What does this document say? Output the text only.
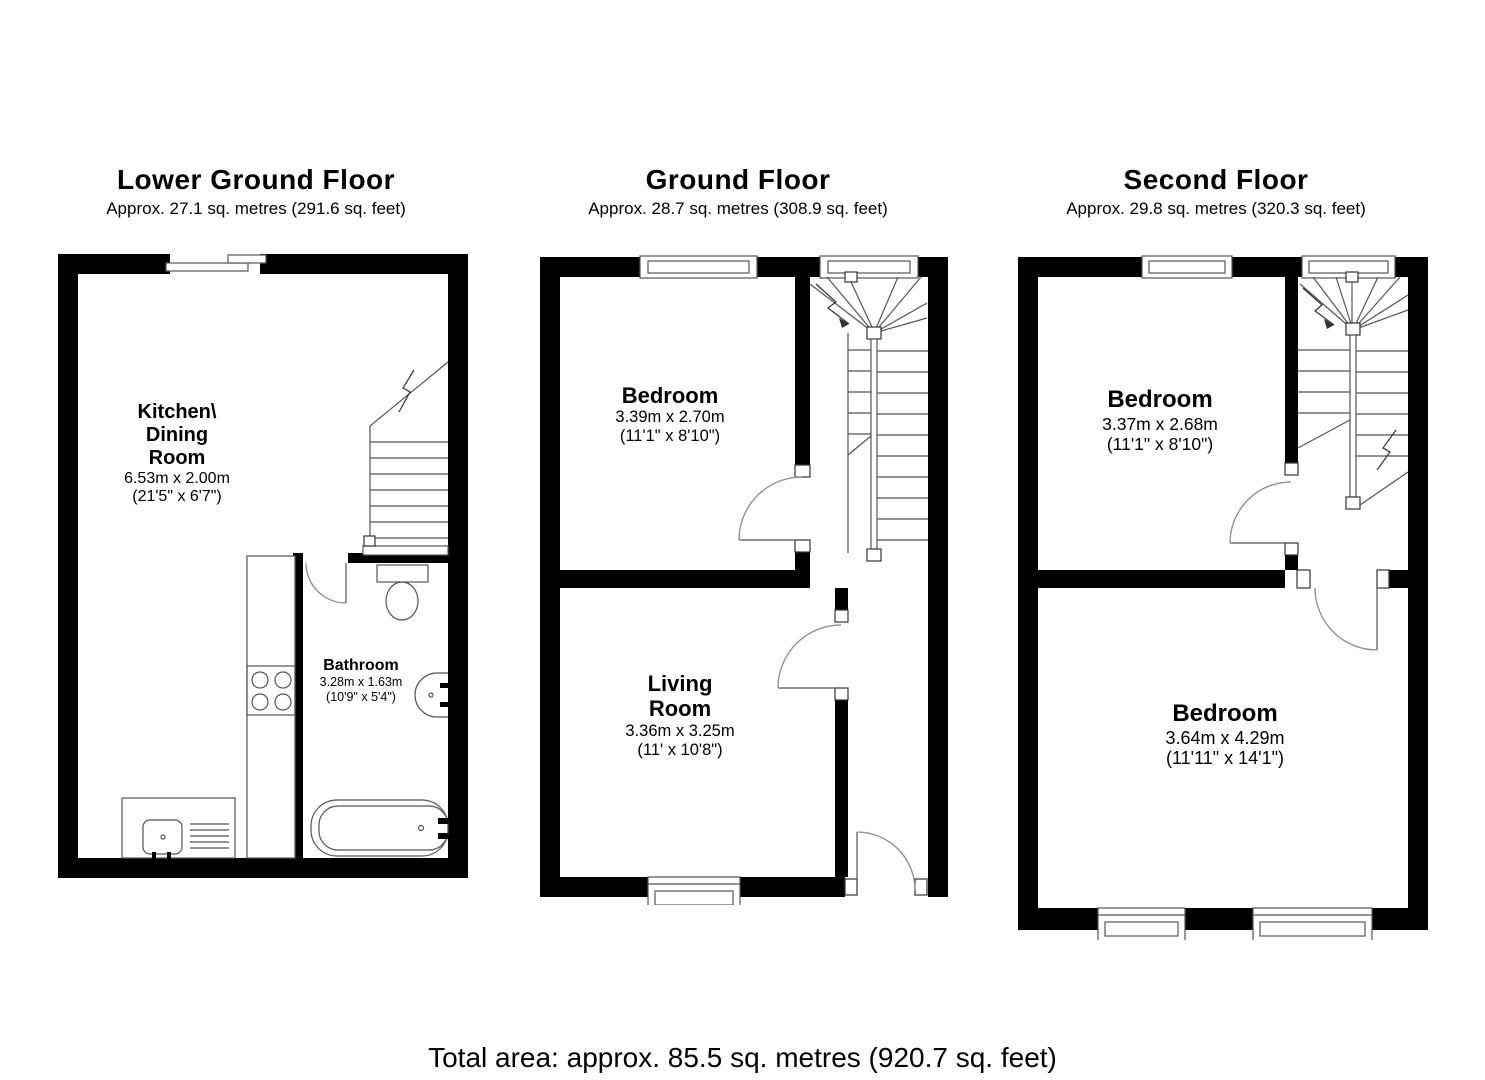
Lower Ground Floor
Approx. 27.1 sq. metres (291.6 sq. feet)
Ground Floor
Approx. 28.7 sq. metres (308.9 sq. feet)
Second Floor
Approx. 29.8 sq. metres (320.3 sq. feet)
Kitchen\
Dining
Room
6.53m x 2.00m
(21'5" x 6'7")
Bathroom
3.28m x 1.63m
(10'9" x 5'4")
Bedroom
3.39m x 2.70m
(11'1" x 8'10")
Living
Room
3.36m x 3.25m
(11' x 10'8")
Bedroom
3.37m x 2.68m
(11'1" x 8'10")
Bedroom
3.64m x 4.29m
(11'11" x 14'1")
Total area: approx. 85.5 sq. metres (920.7 sq. feet)
